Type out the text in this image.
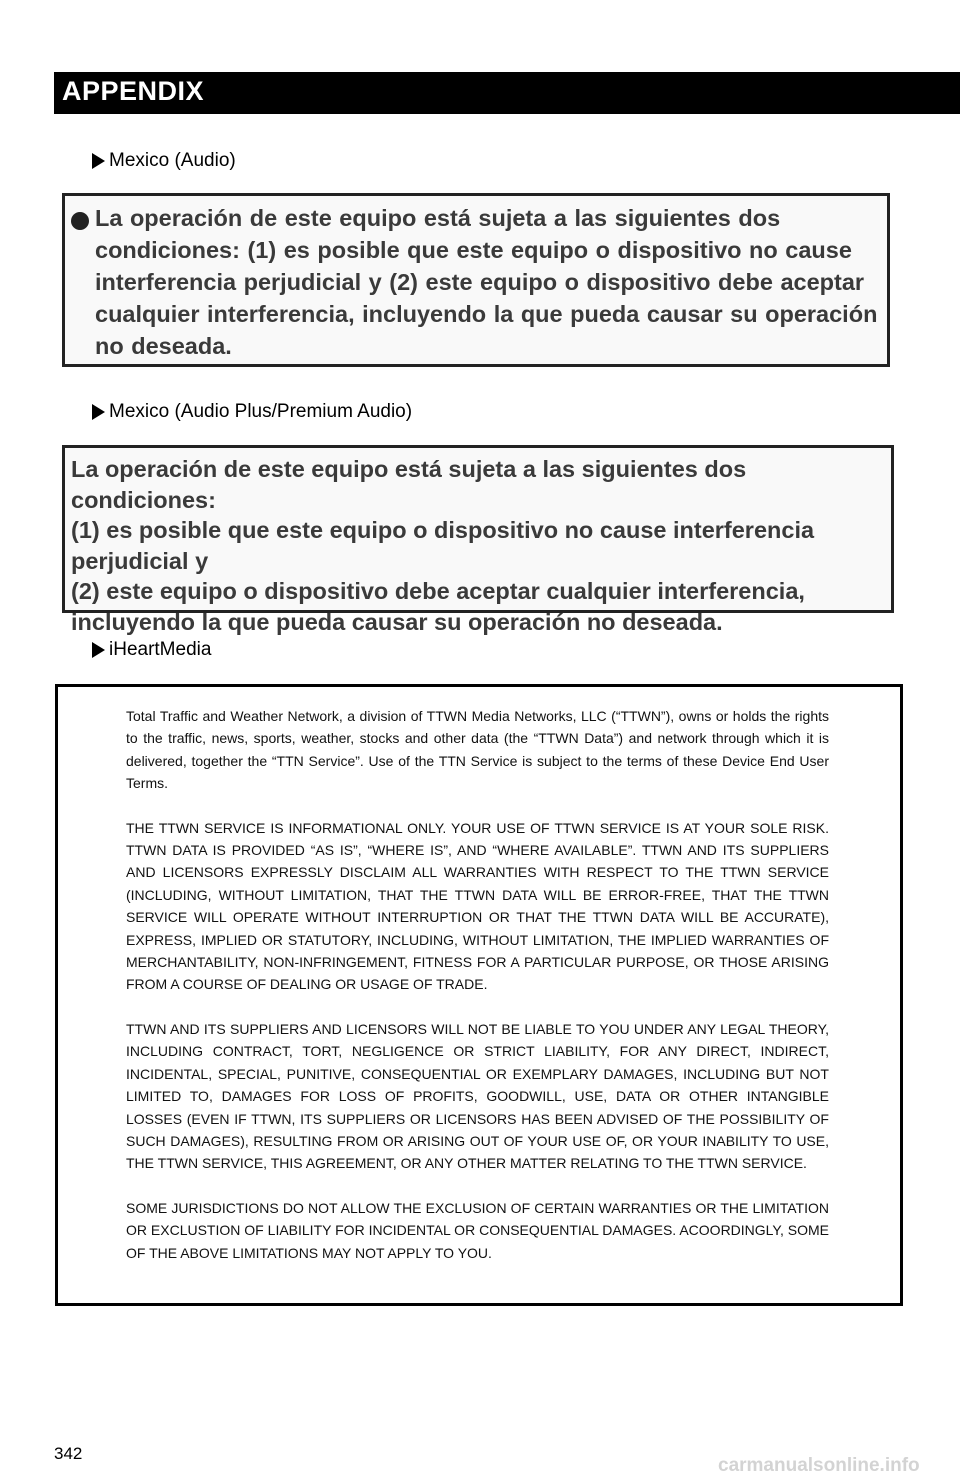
APPENDIX
Mexico (Audio)
La operación de este equipo está sujeta a las siguientes dos condiciones: (1) es posible que este equipo o dispositivo no cause interferencia perjudicial y (2) este equipo o dispositivo debe aceptar cualquier interferencia, incluyendo la que pueda causar su operación no deseada.
Mexico (Audio Plus/Premium Audio)
La operación de este equipo está sujeta a las siguientes dos condiciones:
(1) es posible que este equipo o dispositivo no cause interferencia
perjudicial y
(2) este equipo o dispositivo debe aceptar cualquier interferencia,
incluyendo la que pueda causar su operación no deseada.
iHeartMedia

Total Traffic and Weather Network, a division of TTWN Media Networks, LLC (“TTWN”), owns or holds the rights to the traffic, news, sports, weather, stocks and other data (the “TTWN Data”) and network through which it is delivered, together the “TTN Service”. Use of the TTN Service is subject to the terms of these Device End User Terms.

THE TTWN SERVICE IS INFORMATIONAL ONLY. YOUR USE OF TTWN SERVICE IS AT YOUR SOLE RISK. TTWN DATA IS PROVIDED “AS IS”, “WHERE IS”, AND “WHERE AVAILABLE”. TTWN AND ITS SUPPLIERS AND LICENSORS EXPRESSLY DISCLAIM ALL WARRANTIES WITH RESPECT TO THE TTWN SERVICE (INCLUDING, WITHOUT LIMITATION, THAT THE TTWN DATA WILL BE ERROR-FREE, THAT THE TTWN SERVICE WILL OPERATE WITHOUT INTERRUPTION OR THAT THE TTWN DATA WILL BE ACCURATE), EXPRESS, IMPLIED OR STATUTORY, INCLUDING, WITHOUT LIMITATION, THE IMPLIED WARRANTIES OF MERCHANTABILITY, NON-INFRINGEMENT, FITNESS FOR A PARTICULAR PURPOSE, OR THOSE ARISING FROM A COURSE OF DEALING OR USAGE OF TRADE.

TTWN AND ITS SUPPLIERS AND LICENSORS WILL NOT BE LIABLE TO YOU UNDER ANY LEGAL THEORY, INCLUDING CONTRACT, TORT, NEGLIGENCE OR STRICT LIABILITY, FOR ANY DIRECT, INDIRECT, INCIDENTAL, SPECIAL, PUNITIVE, CONSEQUENTIAL OR EXEMPLARY DAMAGES, INCLUDING BUT NOT LIMITED TO, DAMAGES FOR LOSS OF PROFITS, GOODWILL, USE, DATA OR OTHER INTANGIBLE LOSSES (EVEN IF TTWN, ITS SUPPLIERS OR LICENSORS HAS BEEN ADVISED OF THE POSSIBILITY OF SUCH DAMAGES), RESULTING FROM OR ARISING OUT OF YOUR USE OF, OR YOUR INABILITY TO USE, THE TTWN SERVICE, THIS AGREEMENT, OR ANY OTHER MATTER RELATING TO THE TTWN SERVICE.

SOME JURISDICTIONS DO NOT ALLOW THE EXCLUSION OF CERTAIN WARRANTIES OR THE LIMITATION OR EXCLUSTION OF LIABILITY FOR INCIDENTAL OR CONSEQUENTIAL DAMAGES. ACOORDINGLY, SOME OF THE ABOVE LIMITATIONS MAY NOT APPLY TO YOU.

342
carmanualsonline.info
